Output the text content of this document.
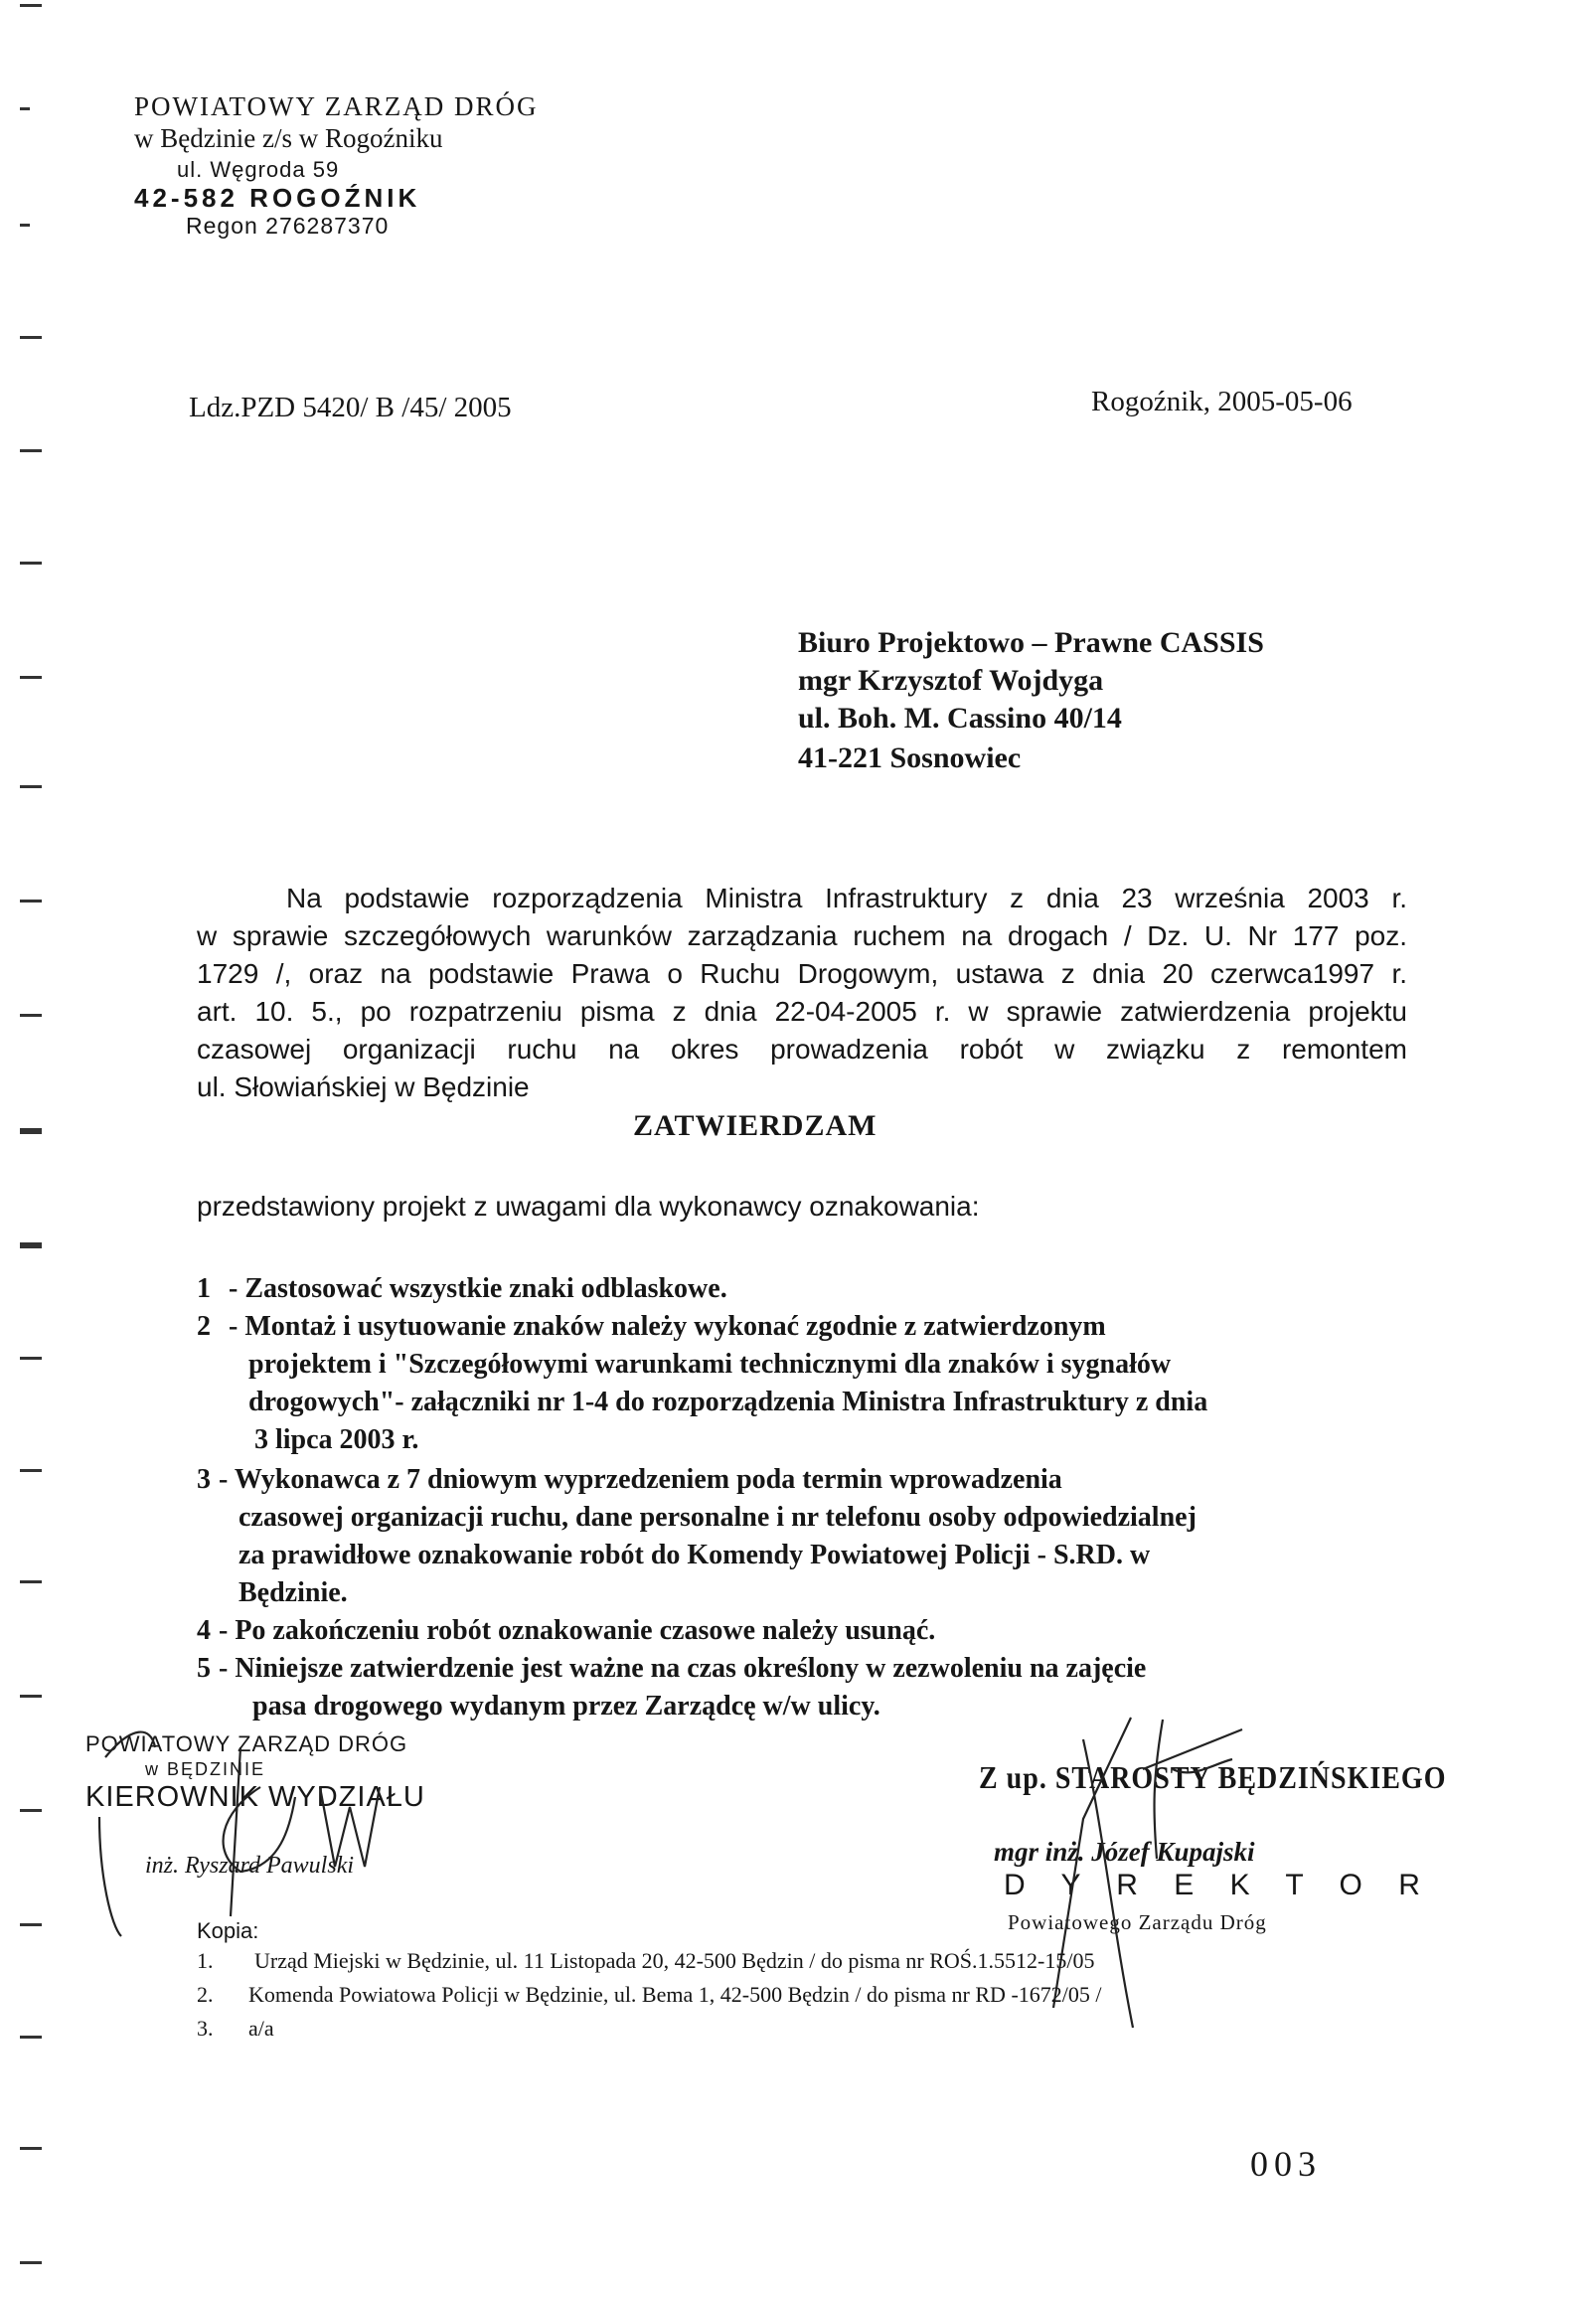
POWIATOWY ZARZĄD DRÓG
w Będzinie z/s w Rogoźniku
ul. Węgroda 59
42-582 ROGOŹNIK
Regon 276287370
Ldz.PZD 5420/ B /45/ 2005	Rogoźnik, 2005-05-06
Biuro Projektowo – Prawne CASSIS
mgr Krzysztof Wojdyga
ul. Boh. M. Cassino 40/14
41-221 Sosnowiec
Na podstawie rozporządzenia Ministra Infrastruktury z dnia 23 września 2003 r.
w sprawie szczegółowych warunków zarządzania ruchem na drogach / Dz. U. Nr 177 poz.
1729 /, oraz na podstawie Prawa o Ruchu Drogowym, ustawa z dnia 20 czerwca1997 r.
art. 10. 5., po rozpatrzeniu pisma z dnia 22-04-2005 r. w sprawie zatwierdzenia projektu
czasowej organizacji ruchu na okres prowadzenia robót w związku z remontem
ul. Słowiańskiej w Będzinie
ZATWIERDZAM
przedstawiony projekt z uwagami dla wykonawcy oznakowania:
1 - Zastosować wszystkie znaki odblaskowe.
2 - Montaż i usytuowanie znaków należy wykonać zgodnie z zatwierdzonym
projektem i "Szczegółowymi warunkami technicznymi dla znaków i sygnałów
drogowych"- załączniki nr 1-4 do rozporządzenia Ministra Infrastruktury z dnia
3 lipca 2003 r.
3 - Wykonawca z 7 dniowym wyprzedzeniem poda termin wprowadzenia
czasowej organizacji ruchu, dane personalne i nr telefonu osoby odpowiedzialnej
za prawidłowe oznakowanie robót do Komendy Powiatowej Policji - S.RD. w
Będzinie.
4 - Po zakończeniu robót oznakowanie czasowe należy usunąć.
5 - Niniejsze zatwierdzenie jest ważne na czas określony w zezwoleniu na zajęcie
pasa drogowego wydanym przez Zarządcę w/w ulicy.
POWIATOWY ZARZĄD DRÓG
w BĘDZINIE
KIEROWNIK WYDZIAŁU
inż. Ryszard Pawulski
Z up. STAROSTY BĘDZIŃSKIEGO
mgr inż. Józef Kupajski
D Y R E K T O R
Powiatowego Zarządu Dróg
Kopia:
1. Urząd Miejski w Będzinie, ul. 11 Listopada 20, 42-500 Będzin / do pisma nr ROŚ.1.5512-15/05
2. Komenda Powiatowa Policji w Będzinie, ul. Bema 1, 42-500 Będzin / do pisma nr RD -1672/05 /
3. a/a
003
